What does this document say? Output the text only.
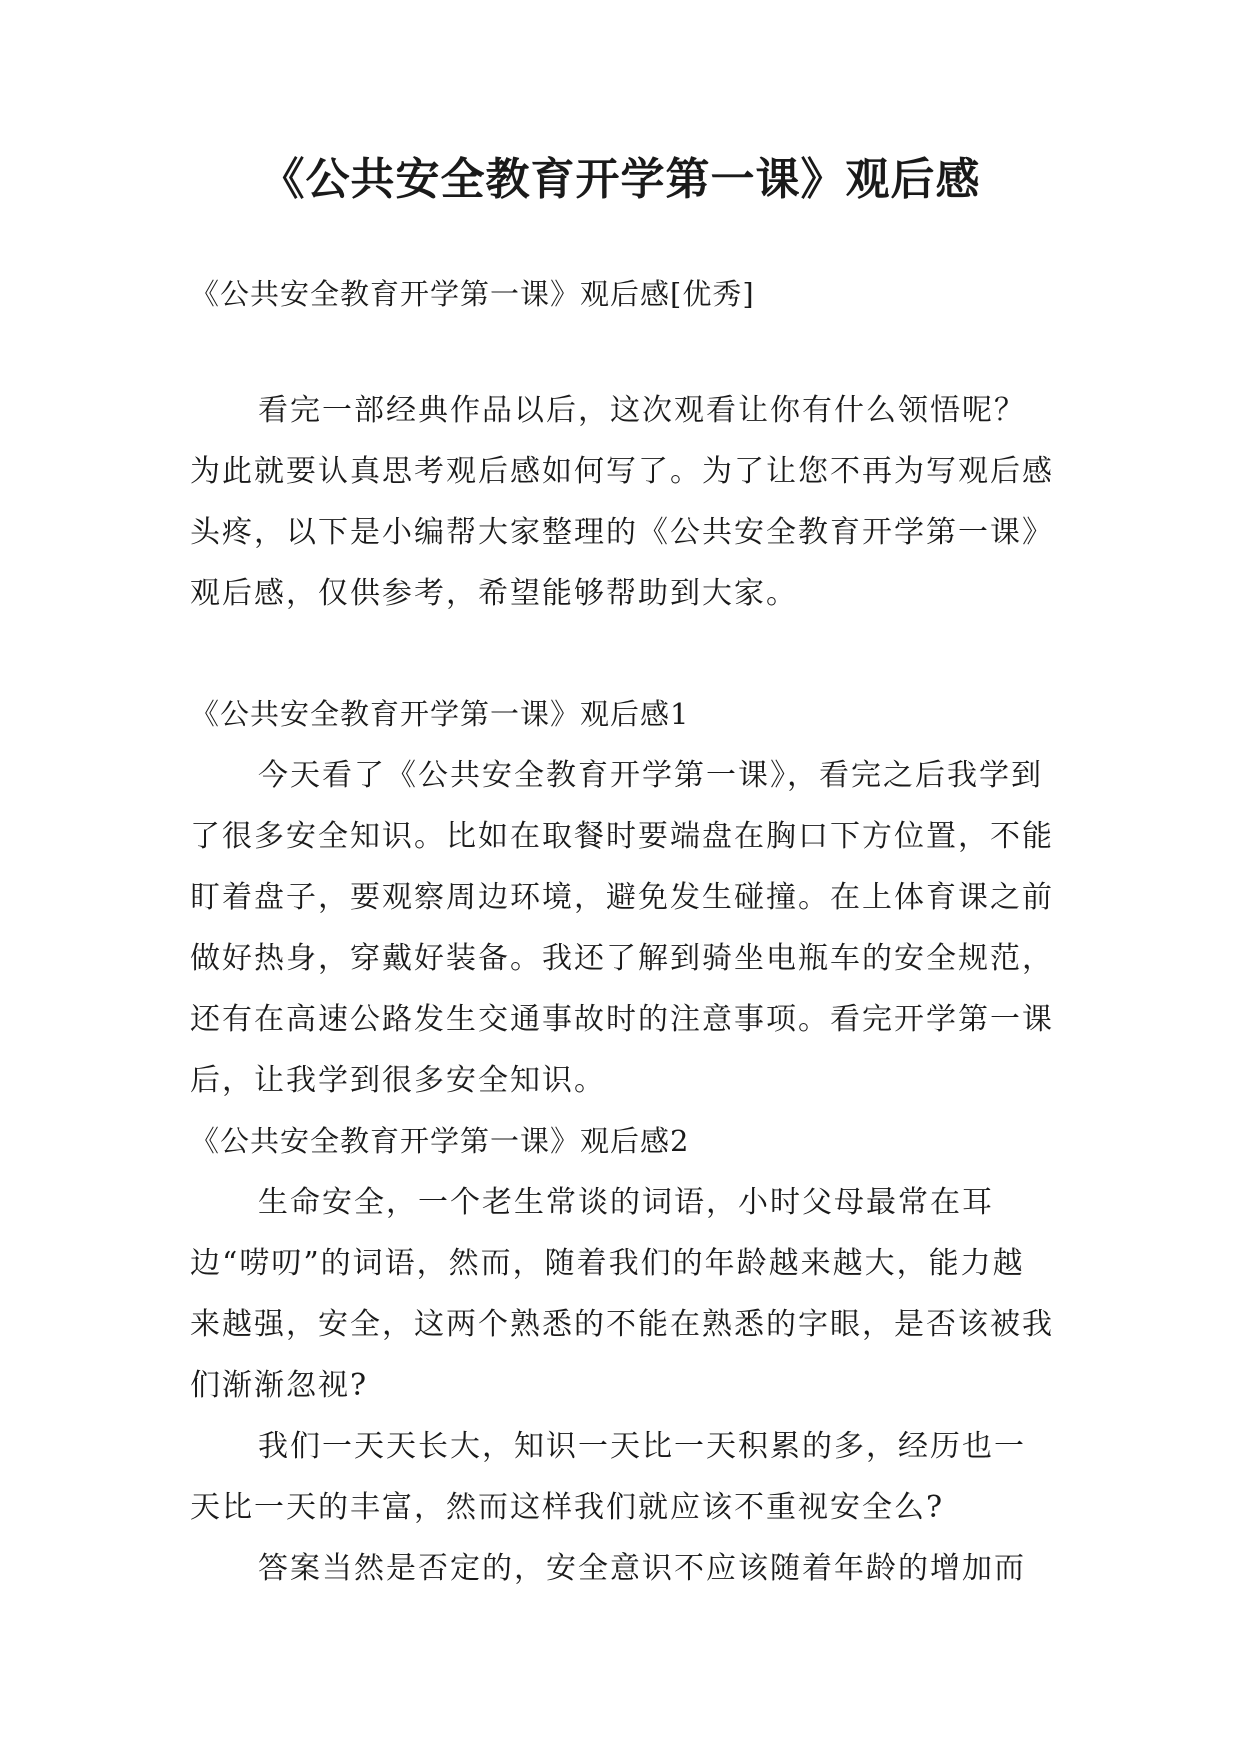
《公共安全教育开学第一课》观后感

《公共安全教育开学第一课》观后感[优秀]

看完一部经典作品以后，这次观看让你有什么领悟呢？为此就要认真思考观后感如何写了。为了让您不再为写观后感头疼，以下是小编帮大家整理的《公共安全教育开学第一课》观后感，仅供参考，希望能够帮助到大家。

《公共安全教育开学第一课》观后感1

今天看了《公共安全教育开学第一课》，看完之后我学到了很多安全知识。比如在取餐时要端盘在胸口下方位置，不能盯着盘子，要观察周边环境，避免发生碰撞。在上体育课之前做好热身，穿戴好装备。我还了解到骑坐电瓶车的安全规范，还有在高速公路发生交通事故时的注意事项。看完开学第一课后，让我学到很多安全知识。

《公共安全教育开学第一课》观后感2

生命安全，一个老生常谈的词语，小时父母最常在耳边“唠叨”的词语，然而，随着我们的年龄越来越大，能力越来越强，安全，这两个熟悉的不能在熟悉的字眼，是否该被我们渐渐忽视?

我们一天天长大，知识一天比一天积累的多，经历也一天比一天的丰富，然而这样我们就应该不重视安全么?

答案当然是否定的，安全意识不应该随着年龄的增加而
